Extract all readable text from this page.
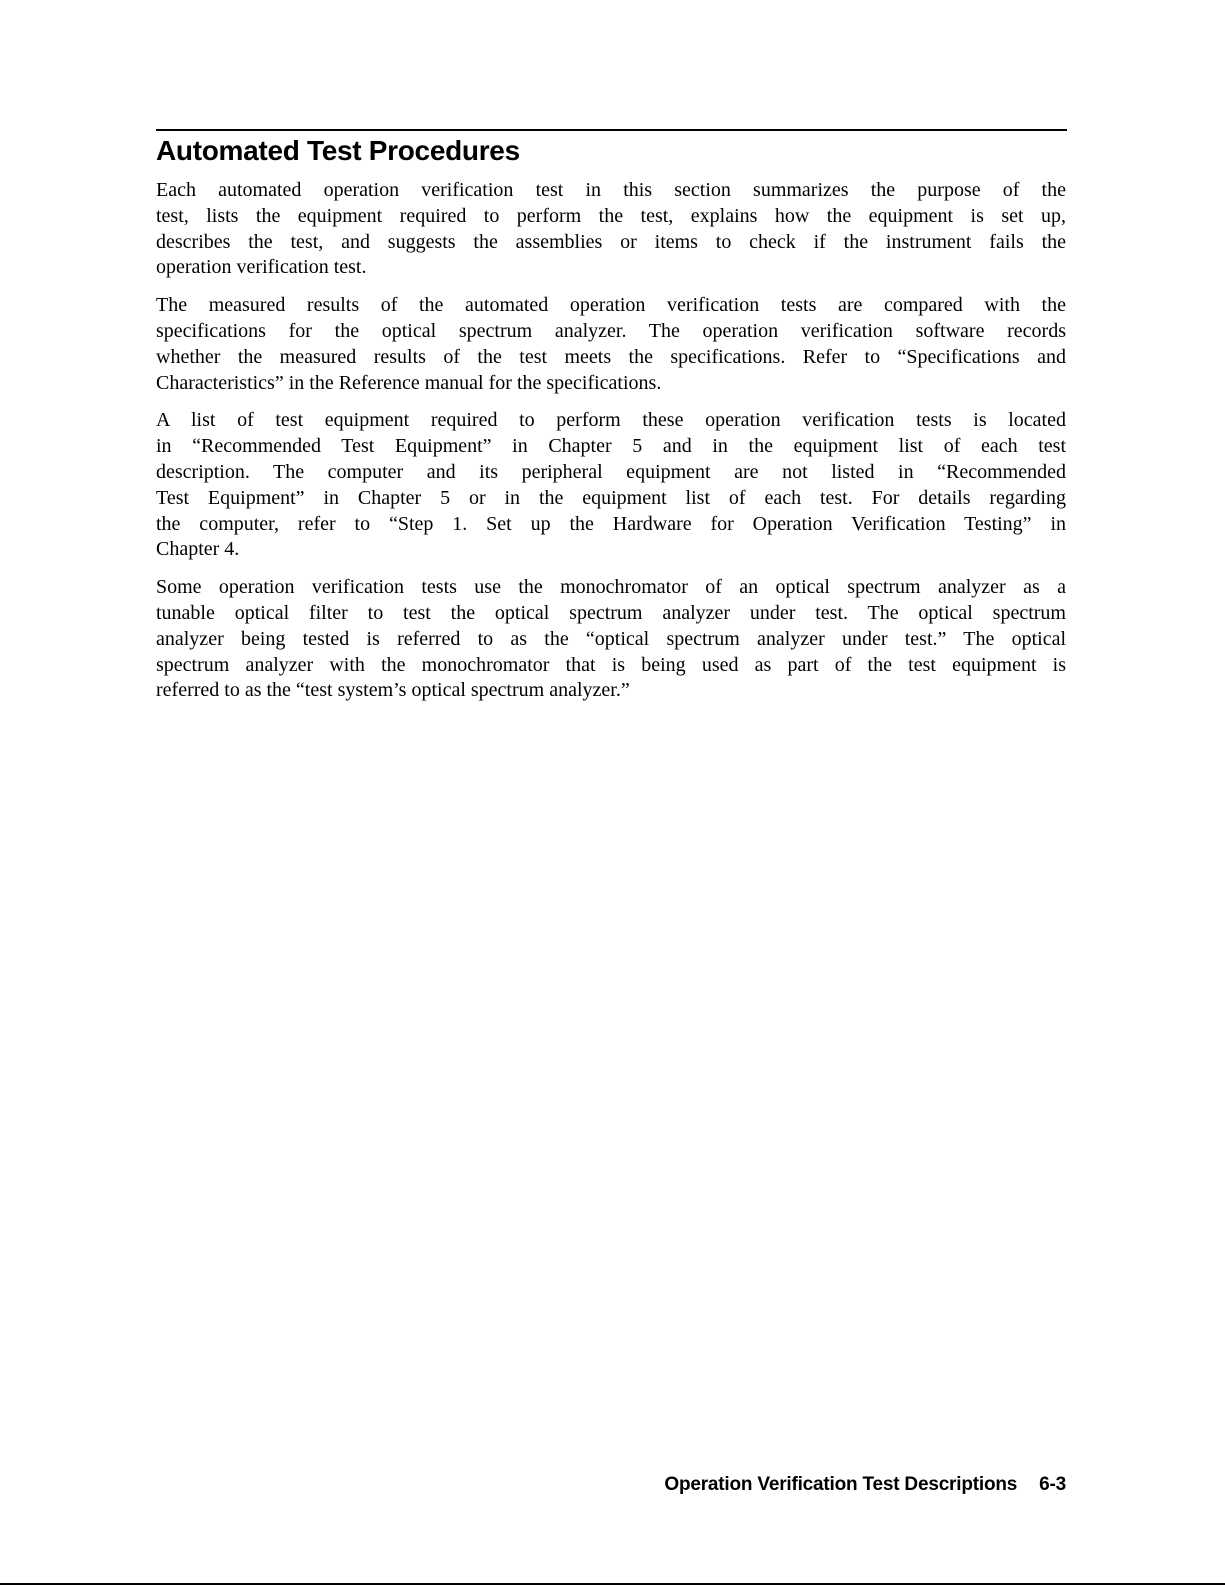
Automated Test Procedures

Each automated operation verification test in this section summarizes the purpose of the
test, lists the equipment required to perform the test, explains how the equipment is set up,
describes the test, and suggests the assemblies or items to check if the instrument fails the
operation verification test.

The measured results of the automated operation verification tests are compared with the
specifications for the optical spectrum analyzer. The operation verification software records
whether the measured results of the test meets the specifications. Refer to “Specifications and
Characteristics” in the Reference manual for the specifications.

A list of test equipment required to perform these operation verification tests is located
in “Recommended Test Equipment” in Chapter 5 and in the equipment list of each test
description. The computer and its peripheral equipment are not listed in “Recommended
Test Equipment” in Chapter 5 or in the equipment list of each test. For details regarding
the computer, refer to “Step 1. Set up the Hardware for Operation Verification Testing” in
Chapter 4.

Some operation verification tests use the monochromator of an optical spectrum analyzer as a
tunable optical filter to test the optical spectrum analyzer under test. The optical spectrum
analyzer being tested is referred to as the “optical spectrum analyzer under test.” The optical
spectrum analyzer with the monochromator that is being used as part of the test equipment is
referred to as the “test system’s optical spectrum analyzer.”

Operation Verification Test Descriptions 6-3
